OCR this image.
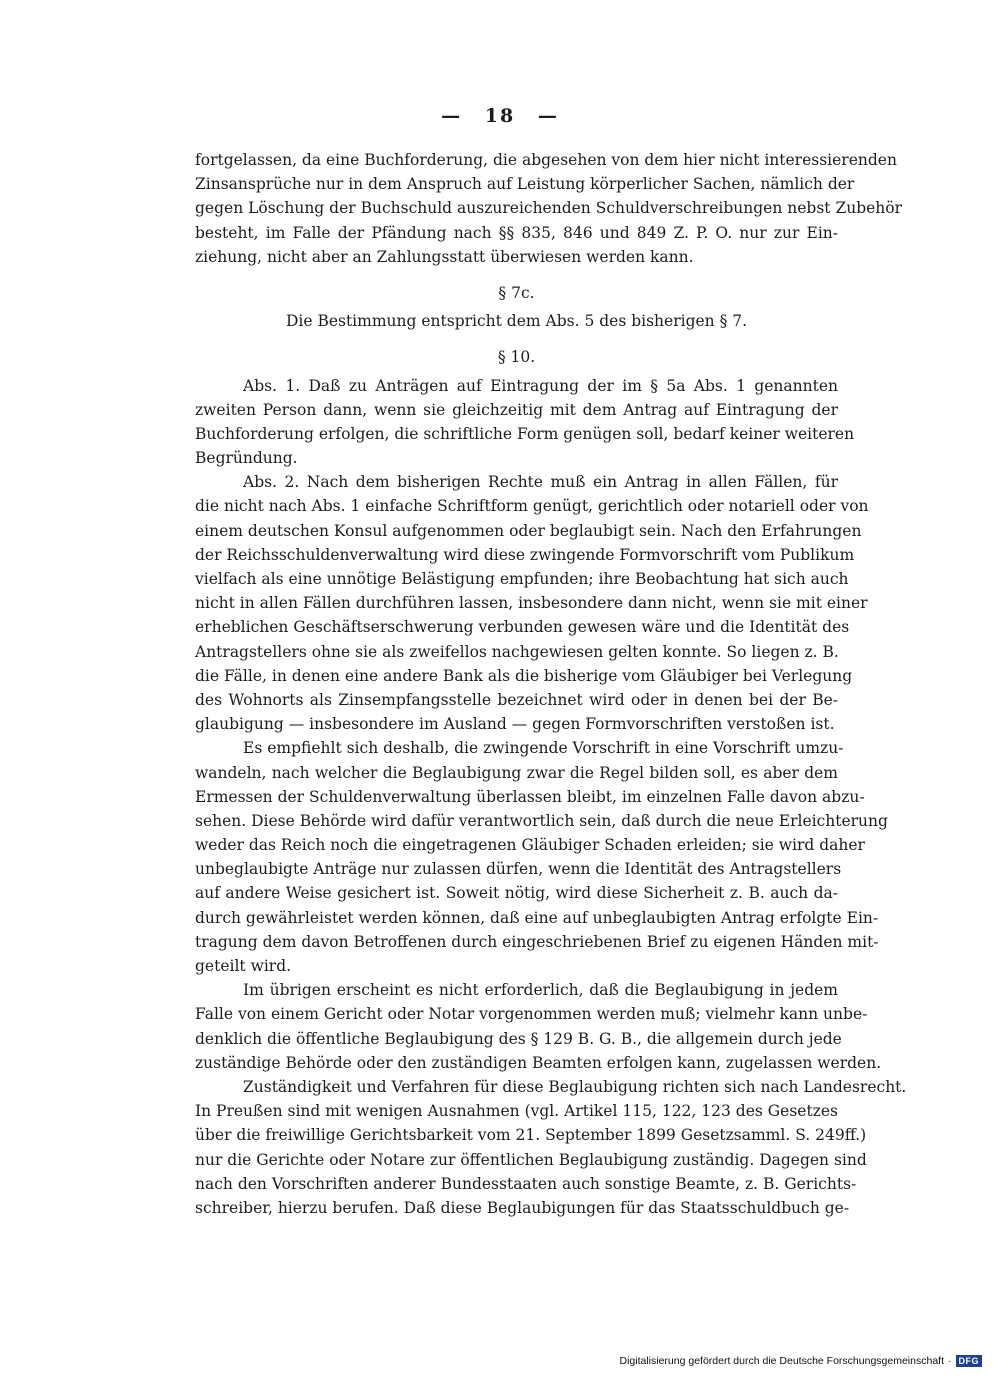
— 18 —
fortgelassen, da eine Buchforderung, die abgesehen von dem hier nicht interessierenden
Zinsansprüche nur in dem Anspruch auf Leistung körperlicher Sachen, nämlich der
gegen Löschung der Buchschuld auszureichenden Schuldverschreibungen nebst Zubehör
besteht, im Falle der Pfändung nach §§ 835, 846 und 849 Z. P. O. nur zur Ein-
ziehung, nicht aber an Zahlungsstatt überwiesen werden kann.
§ 7c.
Die Bestimmung entspricht dem Abs. 5 des bisherigen § 7.
§ 10.
Abs. 1. Daß zu Anträgen auf Eintragung der im § 5a Abs. 1 genannten
zweiten Person dann, wenn sie gleichzeitig mit dem Antrag auf Eintragung der
Buchforderung erfolgen, die schriftliche Form genügen soll, bedarf keiner weiteren
Begründung.
Abs. 2. Nach dem bisherigen Rechte muß ein Antrag in allen Fällen, für
die nicht nach Abs. 1 einfache Schriftform genügt, gerichtlich oder notariell oder von
einem deutschen Konsul aufgenommen oder beglaubigt sein. Nach den Erfahrungen
der Reichsschuldenverwaltung wird diese zwingende Formvorschrift vom Publikum
vielfach als eine unnötige Belästigung empfunden; ihre Beobachtung hat sich auch
nicht in allen Fällen durchführen lassen, insbesondere dann nicht, wenn sie mit einer
erheblichen Geschäftserschwerung verbunden gewesen wäre und die Identität des
Antragstellers ohne sie als zweifellos nachgewiesen gelten konnte. So liegen z. B.
die Fälle, in denen eine andere Bank als die bisherige vom Gläubiger bei Verlegung
des Wohnorts als Zinsempfangsstelle bezeichnet wird oder in denen bei der Be-
glaubigung — insbesondere im Ausland — gegen Formvorschriften verstoßen ist.
Es empfiehlt sich deshalb, die zwingende Vorschrift in eine Vorschrift umzu-
wandeln, nach welcher die Beglaubigung zwar die Regel bilden soll, es aber dem
Ermessen der Schuldenverwaltung überlassen bleibt, im einzelnen Falle davon abzu-
sehen. Diese Behörde wird dafür verantwortlich sein, daß durch die neue Erleichterung
weder das Reich noch die eingetragenen Gläubiger Schaden erleiden; sie wird daher
unbeglaubigte Anträge nur zulassen dürfen, wenn die Identität des Antragstellers
auf andere Weise gesichert ist. Soweit nötig, wird diese Sicherheit z. B. auch da-
durch gewährleistet werden können, daß eine auf unbeglaubigten Antrag erfolgte Ein-
tragung dem davon Betroffenen durch eingeschriebenen Brief zu eigenen Händen mit-
geteilt wird.
Im übrigen erscheint es nicht erforderlich, daß die Beglaubigung in jedem
Falle von einem Gericht oder Notar vorgenommen werden muß; vielmehr kann unbe-
denklich die öffentliche Beglaubigung des § 129 B. G. B., die allgemein durch jede
zuständige Behörde oder den zuständigen Beamten erfolgen kann, zugelassen werden.
Zuständigkeit und Verfahren für diese Beglaubigung richten sich nach Landesrecht.
In Preußen sind mit wenigen Ausnahmen (vgl. Artikel 115, 122, 123 des Gesetzes
über die freiwillige Gerichtsbarkeit vom 21. September 1899 Gesetzsamml. S. 249ff.)
nur die Gerichte oder Notare zur öffentlichen Beglaubigung zuständig. Dagegen sind
nach den Vorschriften anderer Bundesstaaten auch sonstige Beamte, z. B. Gerichts-
schreiber, hierzu berufen. Daß diese Beglaubigungen für das Staatsschuldbuch ge-
Digitalisierung gefördert durch die Deutsche Forschungsgemeinschaft · DFG
